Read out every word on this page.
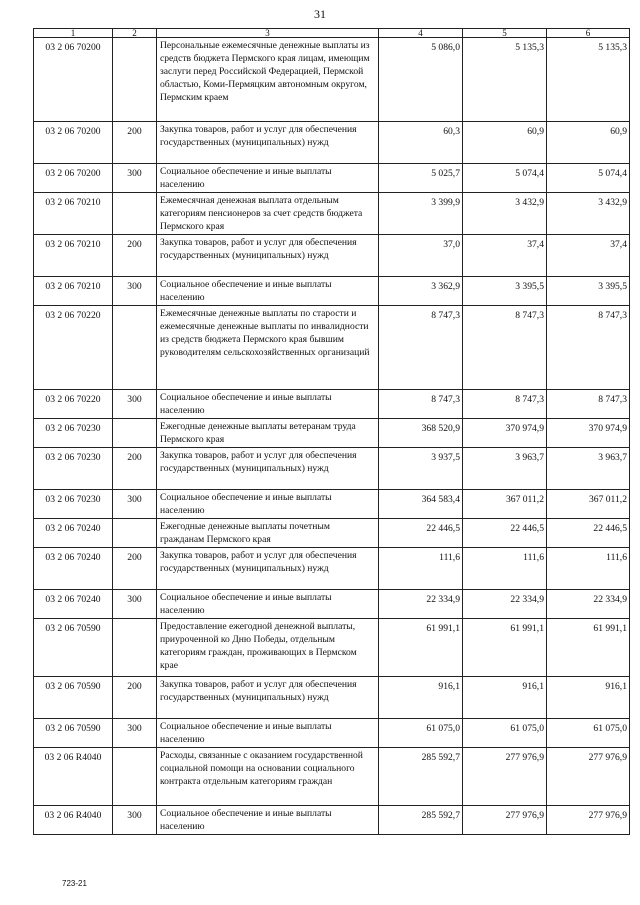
31
1	2	3	4	5	6
03 2 06 70200		Персональные ежемесячные денежные выплаты из средств бюджета Пермского края лицам, имеющим заслуги перед Российской Федерацией, Пермской областью, Коми-Пермяцким автономным округом, Пермским краем	5 086,0	5 135,3	5 135,3
03 2 06 70200	200	Закупка товаров, работ и услуг для обеспечения государственных (муниципальных) нужд	60,3	60,9	60,9
03 2 06 70200	300	Социальное обеспечение и иные выплаты населению	5 025,7	5 074,4	5 074,4
03 2 06 70210		Ежемесячная денежная выплата отдельным категориям пенсионеров за счет средств бюджета Пермского края	3 399,9	3 432,9	3 432,9
03 2 06 70210	200	Закупка товаров, работ и услуг для обеспечения государственных (муниципальных) нужд	37,0	37,4	37,4
03 2 06 70210	300	Социальное обеспечение и иные выплаты населению	3 362,9	3 395,5	3 395,5
03 2 06 70220		Ежемесячные денежные выплаты по старости и ежемесячные денежные выплаты по инвалидности из средств бюджета Пермского края бывшим руководителям сельскохозяйственных организаций	8 747,3	8 747,3	8 747,3
03 2 06 70220	300	Социальное обеспечение и иные выплаты населению	8 747,3	8 747,3	8 747,3
03 2 06 70230		Ежегодные денежные выплаты ветеранам труда Пермского края	368 520,9	370 974,9	370 974,9
03 2 06 70230	200	Закупка товаров, работ и услуг для обеспечения государственных (муниципальных) нужд	3 937,5	3 963,7	3 963,7
03 2 06 70230	300	Социальное обеспечение и иные выплаты населению	364 583,4	367 011,2	367 011,2
03 2 06 70240		Ежегодные денежные выплаты почетным гражданам Пермского края	22 446,5	22 446,5	22 446,5
03 2 06 70240	200	Закупка товаров, работ и услуг для обеспечения государственных (муниципальных) нужд	111,6	111,6	111,6
03 2 06 70240	300	Социальное обеспечение и иные выплаты населению	22 334,9	22 334,9	22 334,9
03 2 06 70590		Предоставление ежегодной денежной выплаты, приуроченной ко Дню Победы, отдельным категориям граждан, проживающих в Пермском крае	61 991,1	61 991,1	61 991,1
03 2 06 70590	200	Закупка товаров, работ и услуг для обеспечения государственных (муниципальных) нужд	916,1	916,1	916,1
03 2 06 70590	300	Социальное обеспечение и иные выплаты населению	61 075,0	61 075,0	61 075,0
03 2 06 R4040		Расходы, связанные с оказанием государственной социальной помощи на основании социального контракта отдельным категориям граждан	285 592,7	277 976,9	277 976,9
03 2 06 R4040	300	Социальное обеспечение и иные выплаты населению	285 592,7	277 976,9	277 976,9
723-21
